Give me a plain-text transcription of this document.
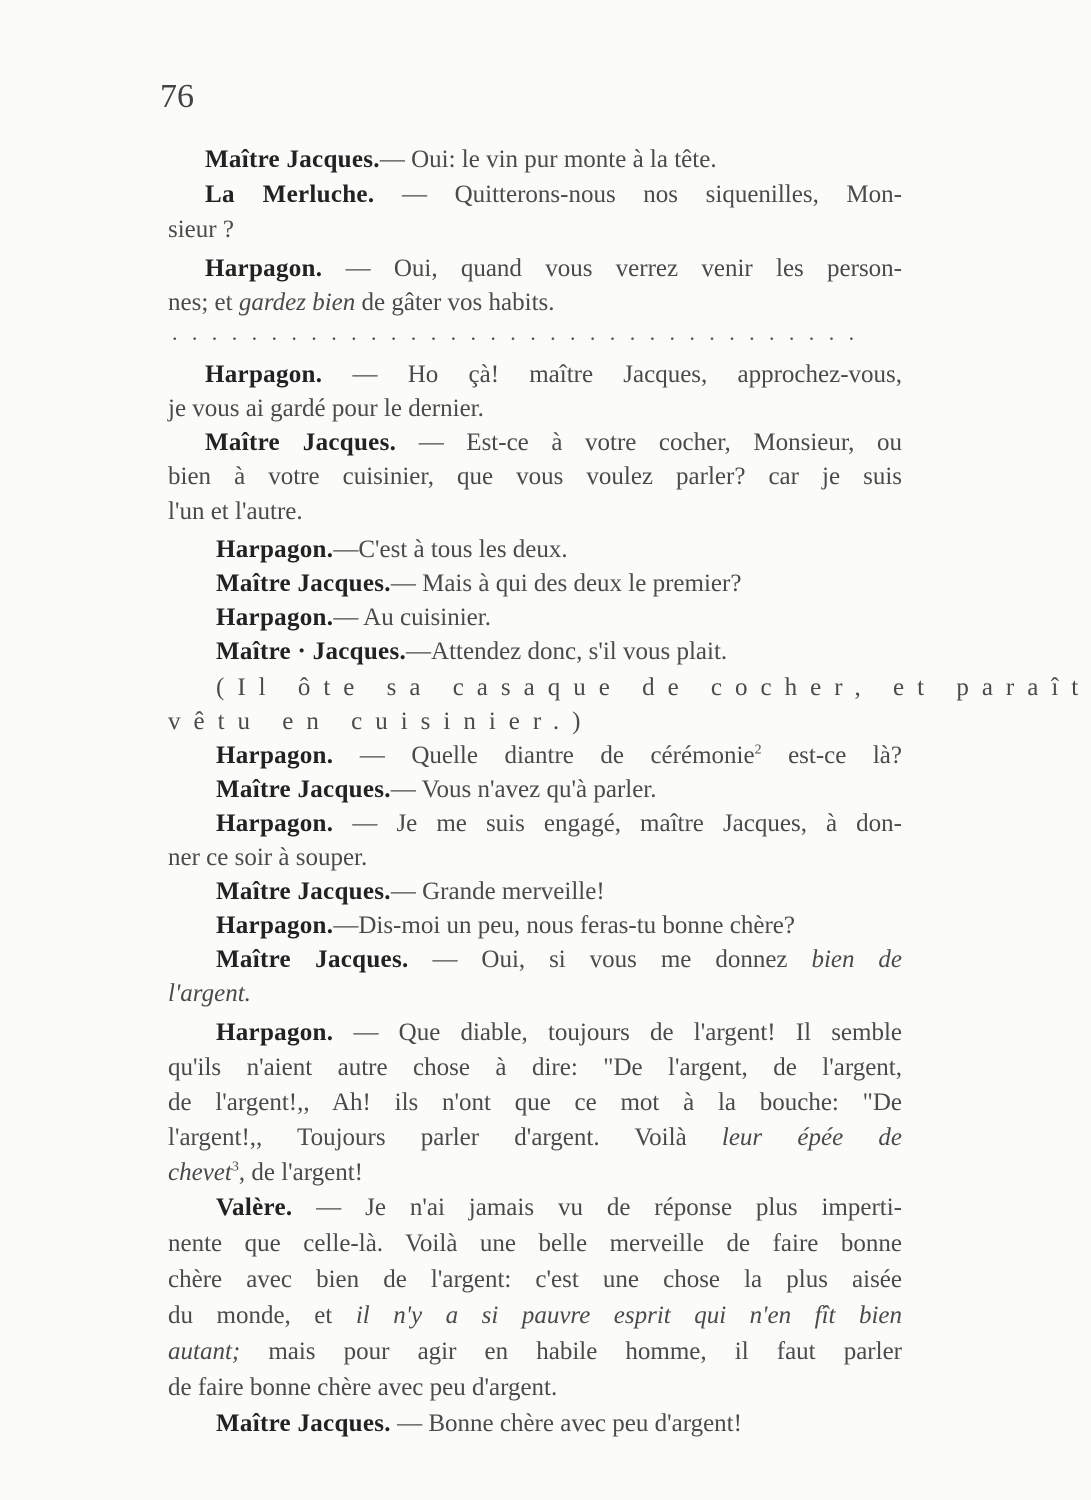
76
Maître Jacques.— Oui: le vin pur monte à la tête.
La Merluche. — Quitterons-nous nos siquenilles, Mon-
sieur ?
Harpagon. — Oui, quand vous verrez venir les person-
nes; et gardez bien de gâter vos habits.
...................................
Harpagon. — Ho çà! maître Jacques, approchez-vous,
je vous ai gardé pour le dernier.
Maître Jacques. — Est-ce à votre cocher, Monsieur, ou
bien à votre cuisinier, que vous voulez parler? car je suis
l'un et l'autre.
Harpagon.—C'est à tous les deux.
Maître Jacques.— Mais à qui des deux le premier?
Harpagon.— Au cuisinier.
Maître · Jacques.—Attendez donc, s'il vous plait.
(Il ôte sa casaque de cocher, et paraît
vêtu en cuisinier.)
Harpagon. — Quelle diantre de cérémonie$^2$ est-ce là?
Maître Jacques.— Vous n'avez qu'à parler.
Harpagon. — Je me suis engagé, maître Jacques, à don-
ner ce soir à souper.
Maître Jacques.— Grande merveille!
Harpagon.—Dis-moi un peu, nous feras-tu bonne chère?
Maître Jacques. — Oui, si vous me donnez bien de
l'argent.
Harpagon. — Que diable, toujours de l'argent! Il semble
qu'ils n'aient autre chose à dire: "De l'argent, de l'argent,
de l'argent!,, Ah! ils n'ont que ce mot à la bouche: "De
l'argent!,, Toujours parler d'argent. Voilà leur épée de
chevet$^3$, de l'argent!
Valère. — Je n'ai jamais vu de réponse plus imperti-
nente que celle-là. Voilà une belle merveille de faire bonne
chère avec bien de l'argent: c'est une chose la plus aisée
du monde, et il n'y a si pauvre esprit qui n'en fît bien
autant; mais pour agir en habile homme, il faut parler
de faire bonne chère avec peu d'argent.
Maître Jacques. — Bonne chère avec peu d'argent!
